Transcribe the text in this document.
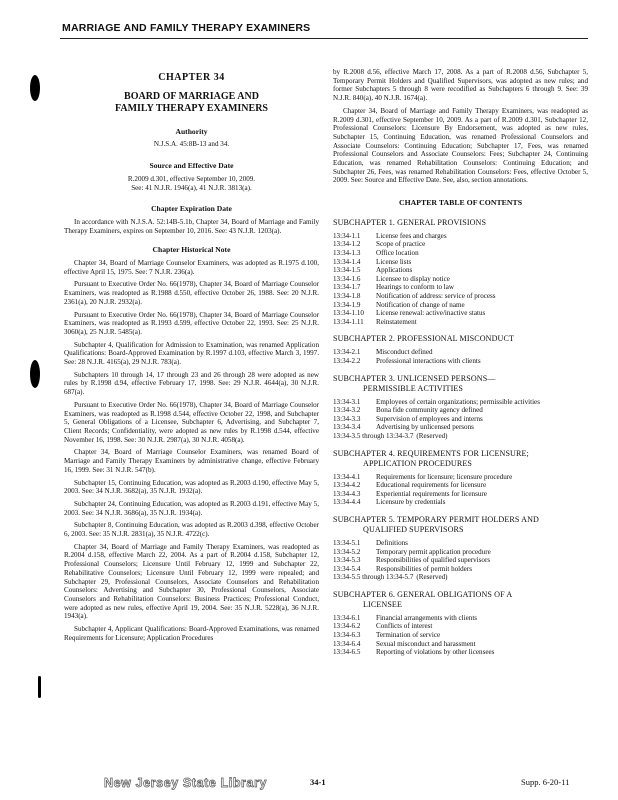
MARRIAGE AND FAMILY THERAPY EXAMINERS
CHAPTER 34
BOARD OF MARRIAGE AND
FAMILY THERAPY EXAMINERS
Authority
N.J.S.A. 45:8B-13 and 34.
Source and Effective Date
R.2009 d.301, effective September 10, 2009.
See: 41 N.J.R. 1946(a), 41 N.J.R. 3813(a).
Chapter Expiration Date

In accordance with N.J.S.A. 52:14B-5.1b, Chapter 34, Board of Marriage and Family Therapy Examiners, expires on September 10, 2016. See: 43 N.J.R. 1203(a).

Chapter Historical Note

Chapter 34, Board of Marriage Counselor Examiners, was adopted as R.1975 d.100, effective April 15, 1975. See: 7 N.J.R. 236(a).

Pursuant to Executive Order No. 66(1978), Chapter 34, Board of Marriage Counselor Examiners, was readopted as R.1988 d.550, effective October 26, 1988. See: 20 N.J.R. 2361(a), 20 N.J.R. 2932(a).

Pursuant to Executive Order No. 66(1978), Chapter 34, Board of Marriage Counselor Examiners, was readopted as R.1993 d.599, effective October 22, 1993. See: 25 N.J.R. 3060(a), 25 N.J.R. 5485(a).

Subchapter 4, Qualification for Admission to Examination, was renamed Application Qualifications: Board-Approved Examination by R.1997 d.103, effective March 3, 1997. See: 28 N.J.R. 4165(a), 29 N.J.R. 783(a).

Subchapters 10 through 14, 17 through 23 and 26 through 28 were adopted as new rules by R.1998 d.94, effective February 17, 1998. See: 29 N.J.R. 4644(a), 30 N.J.R. 687(a).

Pursuant to Executive Order No. 66(1978), Chapter 34, Board of Marriage Counselor Examiners, was readopted as R.1998 d.544, effective October 22, 1998, and Subchapter 5, General Obligations of a Licensee, Subchapter 6, Advertising, and Subchapter 7, Client Records; Confidentiality, were adopted as new rules by R.1998 d.544, effective November 16, 1998. See: 30 N.J.R. 2987(a), 30 N.J.R. 4058(a).

Chapter 34, Board of Marriage Counselor Examiners, was renamed Board of Marriage and Family Therapy Examiners by administrative change, effective February 16, 1999. See: 31 N.J.R. 547(b).

Subchapter 15, Continuing Education, was adopted as R.2003 d.190, effective May 5, 2003. See: 34 N.J.R. 3682(a), 35 N.J.R. 1932(a).

Subchapter 24, Continuing Education, was adopted as R.2003 d.191, effective May 5, 2003. See: 34 N.J.R. 3686(a), 35 N.J.R. 1934(a).

Subchapter 8, Continuing Education, was adopted as R.2003 d.398, effective October 6, 2003. See: 35 N.J.R. 2831(a), 35 N.J.R. 4722(c).

Chapter 34, Board of Marriage and Family Therapy Examiners, was readopted as R.2004 d.158, effective March 22, 2004. As a part of R.2004 d.158, Subchapter 12, Professional Counselors; Licensure Until February 12, 1999 and Subchapter 22, Rehabilitative Counselors; Licensure Until February 12, 1999 were repealed; and Subchapter 29, Professional Counselors, Associate Counselors and Rehabilitation Counselors: Advertising and Subchapter 30, Professional Counselors, Associate Counselors and Rehabilitation Counselors: Business Practices; Professional Conduct, were adopted as new rules, effective April 19, 2004. See: 35 N.J.R. 5228(a), 36 N.J.R. 1943(a).

Subchapter 4, Applicant Qualifications: Board-Approved Examinations, was renamed Requirements for Licensure; Application Procedures

by R.2008 d.56, effective March 17, 2008. As a part of R.2008 d.56, Subchapter 5, Temporary Permit Holders and Qualified Supervisors, was adopted as new rules; and former Subchapters 5 through 8 were recodified as Subchapters 6 through 9. See: 39 N.J.R. 840(a), 40 N.J.R. 1674(a).

Chapter 34, Board of Marriage and Family Therapy Examiners, was readopted as R.2009 d.301, effective September 10, 2009. As a part of R.2009 d.301, Subchapter 12, Professional Counselors: Licensure By Endorsement, was adopted as new rules, Subchapter 15, Continuing Education, was renamed Professional Counselors and Associate Counselors: Continuing Education; Subchapter 17, Fees, was renamed Professional Counselors and Associate Counselors: Fees; Subchapter 24, Continuing Education, was renamed Rehabilitation Counselors: Continuing Education; and Subchapter 26, Fees, was renamed Rehabilitation Counselors: Fees, effective October 5, 2009. See: Source and Effective Date. See, also, section annotations.

CHAPTER TABLE OF CONTENTS
SUBCHAPTER 1. GENERAL PROVISIONS
13:34-1.1	License fees and charges
13:34-1.2	Scope of practice
13:34-1.3	Office location
13:34-1.4	License lists
13:34-1.5	Applications
13:34-1.6	Licensee to display notice
13:34-1.7	Hearings to conform to law
13:34-1.8	Notification of address: service of process
13:34-1.9	Notification of change of name
13:34-1.10	License renewal: active/inactive status
13:34-1.11	Reinstatement
SUBCHAPTER 2. PROFESSIONAL MISCONDUCT
13:34-2.1	Misconduct defined
13:34-2.2	Professional interactions with clients
SUBCHAPTER 3. UNLICENSED PERSONS—
PERMISSIBLE ACTIVITIES
13:34-3.1	Employees of certain organizations; permissible activities
13:34-3.2	Bona fide community agency defined
13:34-3.3	Supervision of employees and interns
13:34-3.4	Advertising by unlicensed persons
13:34-3.5 through 13:34-3.7 (Reserved)
SUBCHAPTER 4. REQUIREMENTS FOR LICENSURE;
APPLICATION PROCEDURES
13:34-4.1	Requirements for licensure; licensure procedure
13:34-4.2	Educational requirements for licensure
13:34-4.3	Experiential requirements for licensure
13:34-4.4	Licensure by credentials
SUBCHAPTER 5. TEMPORARY PERMIT HOLDERS AND
QUALIFIED SUPERVISORS
13:34-5.1	Definitions
13:34-5.2	Temporary permit application procedure
13:34-5.3	Responsibilities of qualified supervisors
13:34-5.4	Responsibilities of permit holders
13:34-5.5 through 13:34-5.7 (Reserved)
SUBCHAPTER 6. GENERAL OBLIGATIONS OF A
LICENSEE
13:34-6.1	Financial arrangements with clients
13:34-6.2	Conflicts of interest
13:34-6.3	Termination of service
13:34-6.4	Sexual misconduct and harassment
13:34-6.5	Reporting of violations by other licensees
New Jersey State Library	34-1	Supp. 6-20-11
